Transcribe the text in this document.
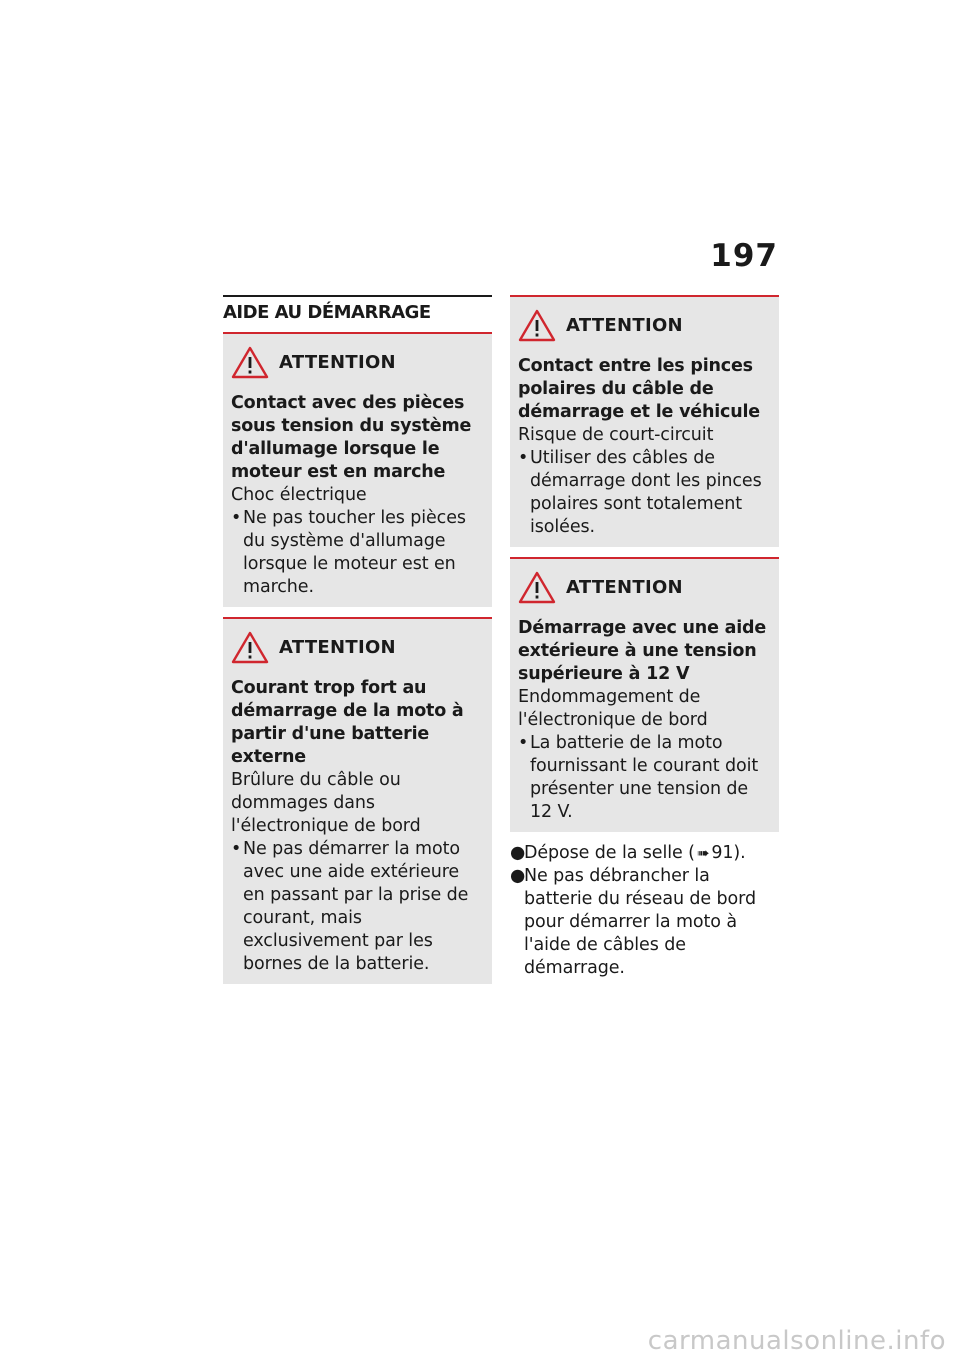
197
AIDE AU DÉMARRAGE
ATTENTION
Contact avec des pièces sous tension du système d'allumage lorsque le moteur est en marche
Choc électrique
• Ne pas toucher les pièces du système d'allumage lorsque le moteur est en marche.
ATTENTION
Courant trop fort au démarrage de la moto à partir d'une batterie externe
Brûlure du câble ou dommages dans l'électronique de bord
• Ne pas démarrer la moto avec une aide extérieure en passant par la prise de courant, mais exclusivement par les bornes de la batterie.
ATTENTION
Contact entre les pinces polaires du câble de démarrage et le véhicule
Risque de court-circuit
• Utiliser des câbles de démarrage dont les pinces polaires sont totalement isolées.
ATTENTION
Démarrage avec une aide extérieure à une tension supérieure à 12 V
Endommagement de l'électronique de bord
• La batterie de la moto fournissant le courant doit présenter une tension de 12 V.
●
Dépose de la selle ( ➠ 91).
●
Ne pas débrancher la batterie du réseau de bord pour démarrer la moto à l'aide de câbles de démarrage.
carmanualsonline.info
